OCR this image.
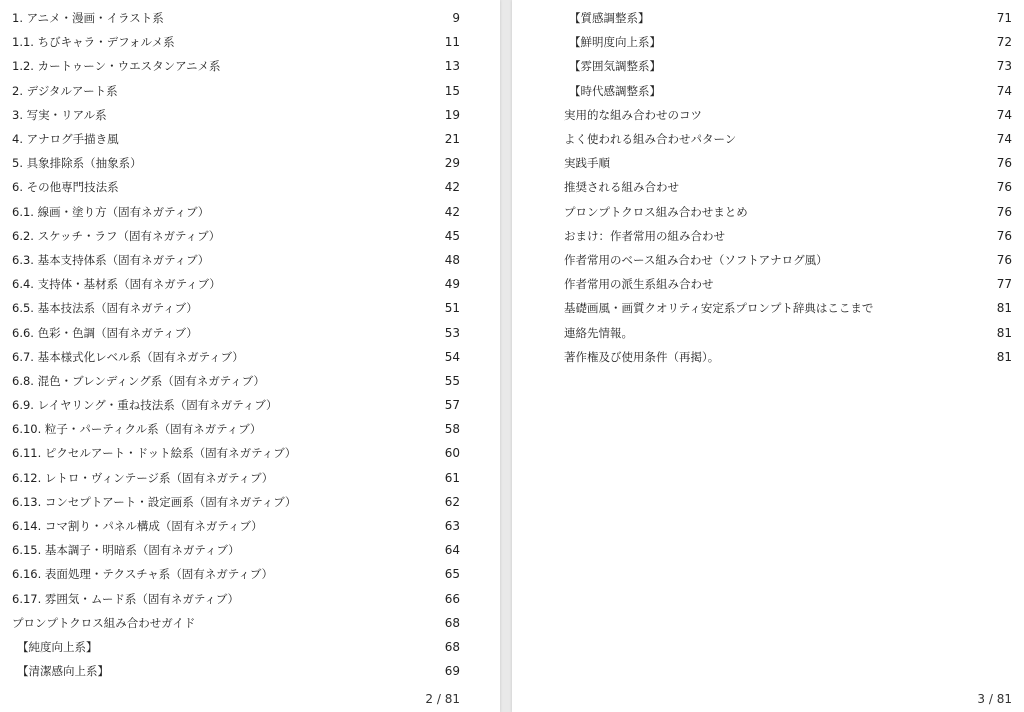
1. アニメ・漫画・イラスト系	9
1.1. ちびキャラ・デフォルメ系	11
1.2. カートゥーン・ウエスタンアニメ系	13
2. デジタルアート系	15
3. 写実・リアル系	19
4. アナログ手描き風	21
5. 具象排除系（抽象系）	29
6. その他専門技法系	42
6.1. 線画・塗り方（固有ネガティブ）	42
6.2. スケッチ・ラフ（固有ネガティブ）	45
6.3. 基本支持体系（固有ネガティブ）	48
6.4. 支持体・基材系（固有ネガティブ）	49
6.5. 基本技法系（固有ネガティブ）	51
6.6. 色彩・色調（固有ネガティブ）	53
6.7. 基本様式化レベル系（固有ネガティブ）	54
6.8. 混色・ブレンディング系（固有ネガティブ）	55
6.9. レイヤリング・重ね技法系（固有ネガティブ）	57
6.10. 粒子・パーティクル系（固有ネガティブ）	58
6.11. ピクセルアート・ドット絵系（固有ネガティブ）	60
6.12. レトロ・ヴィンテージ系（固有ネガティブ）	61
6.13. コンセプトアート・設定画系（固有ネガティブ）	62
6.14. コマ割り・パネル構成（固有ネガティブ）	63
6.15. 基本調子・明暗系（固有ネガティブ）	64
6.16. 表面処理・テクスチャ系（固有ネガティブ）	65
6.17. 雰囲気・ムード系（固有ネガティブ）	66
プロンプトクロス組み合わせガイド	68
【純度向上系】	68
【清潔感向上系】	69
2 / 81
【質感調整系】	71
【鮮明度向上系】	72
【雰囲気調整系】	73
【時代感調整系】	74
実用的な組み合わせのコツ	74
よく使われる組み合わせパターン	74
実践手順	76
推奨される組み合わせ	76
プロンプトクロス組み合わせまとめ	76
おまけ：作者常用の組み合わせ	76
作者常用のベース組み合わせ（ソフトアナログ風）	76
作者常用の派生系組み合わせ	77
基礎画風・画質クオリティ安定系プロンプト辞典はここまで	81
連絡先情報。	81
著作権及び使用条件（再掲）。	81
3 / 81
